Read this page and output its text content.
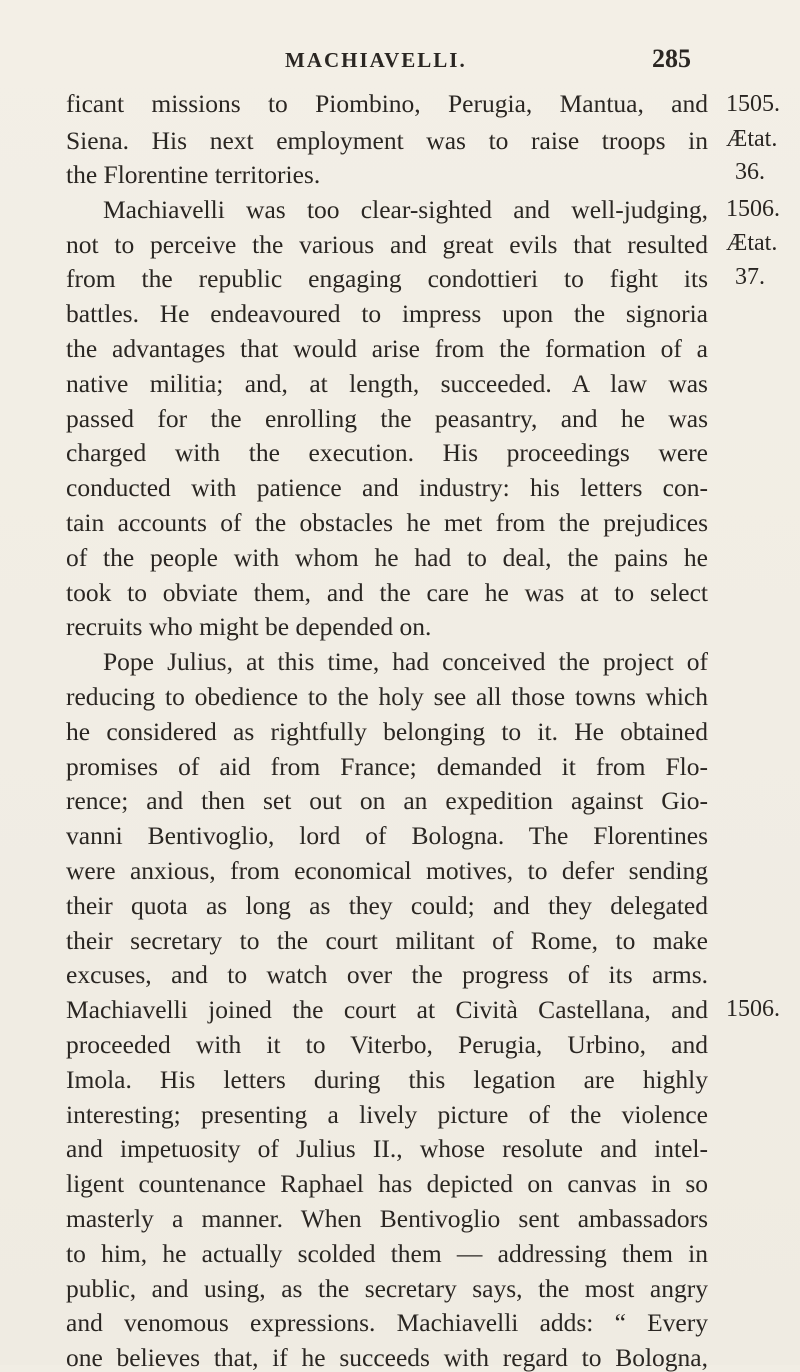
MACHIAVELLI.	285
ficant missions to Piombino, Perugia, Mantua, and
Siena. His next employment was to raise troops in
the Florentine territories.
Machiavelli was too clear-sighted and well-judging,
not to perceive the various and great evils that resulted
from the republic engaging condottieri to fight its
battles. He endeavoured to impress upon the signoria
the advantages that would arise from the formation of a
native militia; and, at length, succeeded. A law was
passed for the enrolling the peasantry, and he was
charged with the execution. His proceedings were
conducted with patience and industry: his letters con-
tain accounts of the obstacles he met from the prejudices
of the people with whom he had to deal, the pains he
took to obviate them, and the care he was at to select
recruits who might be depended on.
Pope Julius, at this time, had conceived the project of
reducing to obedience to the holy see all those towns which
he considered as rightfully belonging to it. He obtained
promises of aid from France; demanded it from Flo-
rence; and then set out on an expedition against Gio-
vanni Bentivoglio, lord of Bologna. The Florentines
were anxious, from economical motives, to defer sending
their quota as long as they could; and they delegated
their secretary to the court militant of Rome, to make
excuses, and to watch over the progress of its arms.
Machiavelli joined the court at Cività Castellana, and
proceeded with it to Viterbo, Perugia, Urbino, and
Imola. His letters during this legation are highly
interesting; presenting a lively picture of the violence
and impetuosity of Julius II., whose resolute and intel-
ligent countenance Raphael has depicted on canvas in so
masterly a manner. When Bentivoglio sent ambassadors
to him, he actually scolded them — addressing them in
public, and using, as the secretary says, the most angry
and venomous expressions. Machiavelli adds: “ Every
one believes that, if he succeeds with regard to Bologna,
1505.
Ætat.
36.
1506.
Ætat.
37.
1506.
